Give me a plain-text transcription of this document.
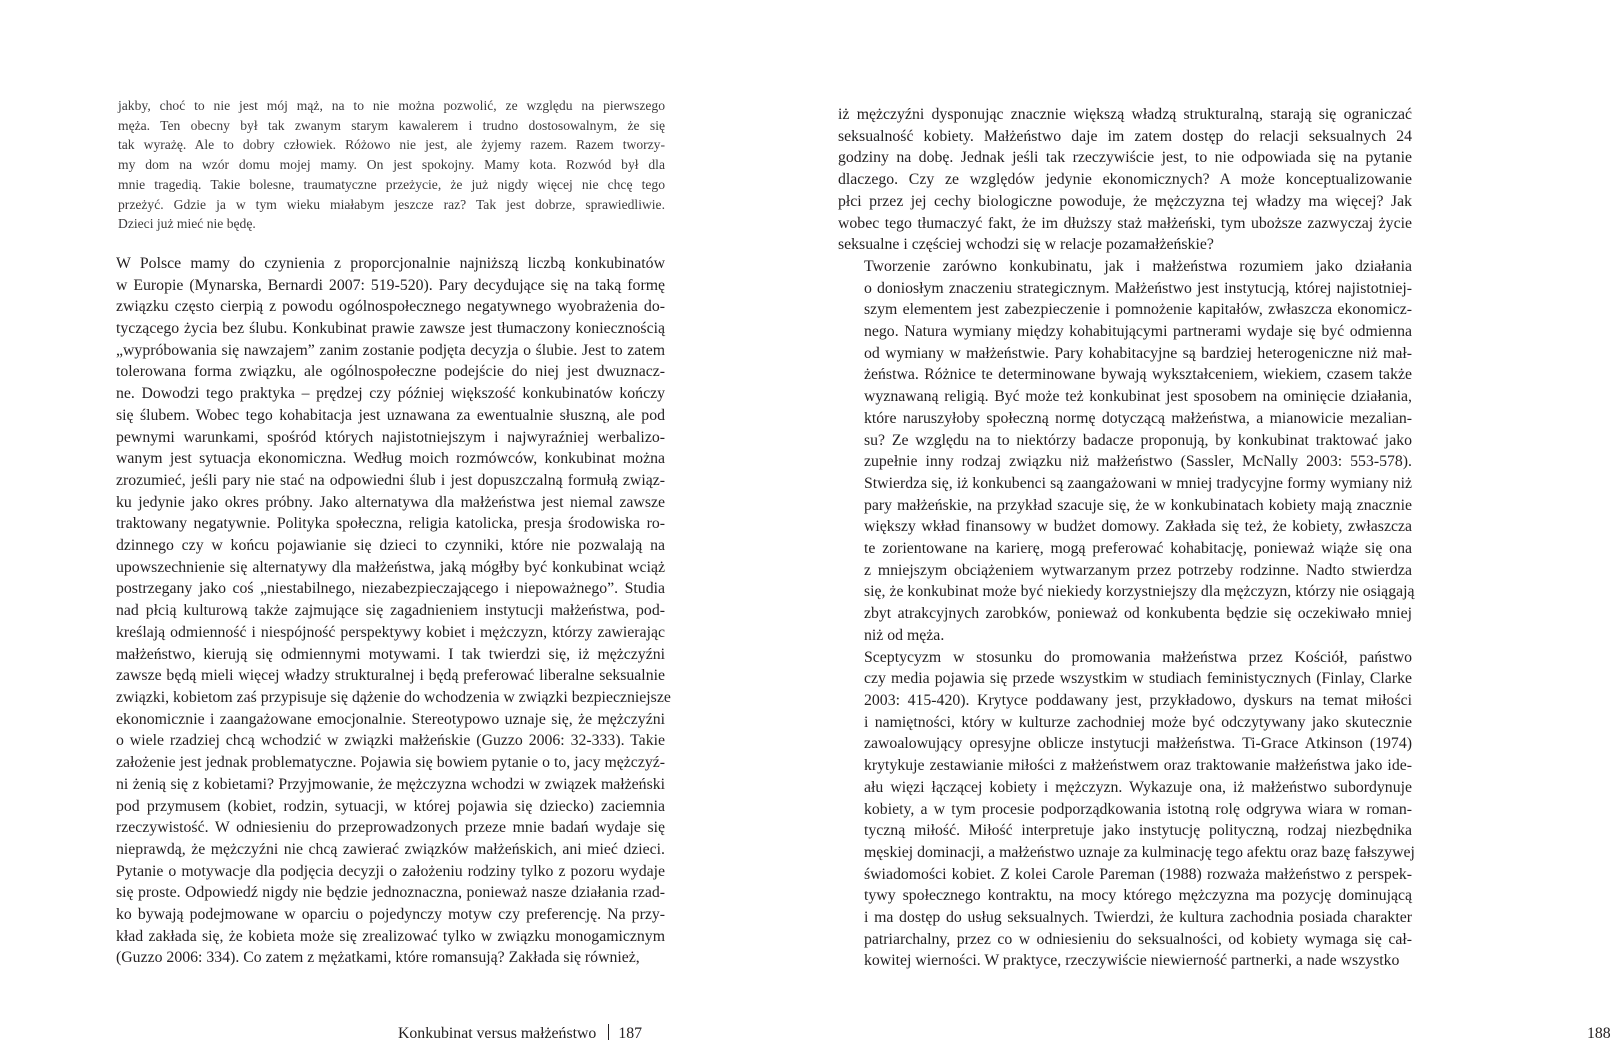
jakby, choć to nie jest mój mąż, na to nie można pozwolić, ze względu na pierwszego
męża. Ten obecny był tak zwanym starym kawalerem i trudno dostosowalnym, że się
tak wyrażę. Ale to dobry człowiek. Różowo nie jest, ale żyjemy razem. Razem tworzy-
my dom na wzór domu mojej mamy. On jest spokojny. Mamy kota. Rozwód był dla
mnie tragedią. Takie bolesne, traumatyczne przeżycie, że już nigdy więcej nie chcę tego
przeżyć. Gdzie ja w tym wieku miałabym jeszcze raz? Tak jest dobrze, sprawiedliwie.
Dzieci już mieć nie będę.
W Polsce mamy do czynienia z proporcjonalnie najniższą liczbą konkubinatów
w Europie (Mynarska, Bernardi 2007: 519-520). Pary decydujące się na taką formę
związku często cierpią z powodu ogólnospołecznego negatywnego wyobrażenia do-
tyczącego życia bez ślubu. Konkubinat prawie zawsze jest tłumaczony koniecznością
„wypróbowania się nawzajem” zanim zostanie podjęta decyzja o ślubie. Jest to zatem
tolerowana forma związku, ale ogólnospołeczne podejście do niej jest dwuznacz-
ne. Dowodzi tego praktyka – prędzej czy później większość konkubinatów kończy
się ślubem. Wobec tego kohabitacja jest uznawana za ewentualnie słuszną, ale pod
pewnymi warunkami, spośród których najistotniejszym i najwyraźniej werbalizo-
wanym jest sytuacja ekonomiczna. Według moich rozmówców, konkubinat można
zrozumieć, jeśli pary nie stać na odpowiedni ślub i jest dopuszczalną formułą związ-
ku jedynie jako okres próbny. Jako alternatywa dla małżeństwa jest niemal zawsze
traktowany negatywnie. Polityka społeczna, religia katolicka, presja środowiska ro-
dzinnego czy w końcu pojawianie się dzieci to czynniki, które nie pozwalają na
upowszechnienie się alternatywy dla małżeństwa, jaką mógłby być konkubinat wciąż
postrzegany jako coś „niestabilnego, niezabezpieczającego i niepoważnego”. Studia
nad płcią kulturową także zajmujące się zagadnieniem instytucji małżeństwa, pod-
kreślają odmienność i niespójność perspektywy kobiet i mężczyzn, którzy zawierając
małżeństwo, kierują się odmiennymi motywami. I tak twierdzi się, iż mężczyźni
zawsze będą mieli więcej władzy strukturalnej i będą preferować liberalne seksualnie
związki, kobietom zaś przypisuje się dążenie do wchodzenia w związki bezpieczniejsze
ekonomicznie i zaangażowane emocjonalnie. Stereotypowo uznaje się, że mężczyźni
o wiele rzadziej chcą wchodzić w związki małżeńskie (Guzzo 2006: 32-333). Takie
założenie jest jednak problematyczne. Pojawia się bowiem pytanie o to, jacy mężczyź-
ni żenią się z kobietami? Przyjmowanie, że mężczyzna wchodzi w związek małżeński
pod przymusem (kobiet, rodzin, sytuacji, w której pojawia się dziecko) zaciemnia
rzeczywistość. W odniesieniu do przeprowadzonych przeze mnie badań wydaje się
nieprawdą, że mężczyźni nie chcą zawierać związków małżeńskich, ani mieć dzieci.
Pytanie o motywacje dla podjęcia decyzji o założeniu rodziny tylko z pozoru wydaje
się proste. Odpowiedź nigdy nie będzie jednoznaczna, ponieważ nasze działania rzad-
ko bywają podejmowane w oparciu o pojedynczy motyw czy preferencję. Na przy-
kład zakłada się, że kobieta może się zrealizować tylko w związku monogamicznym
(Guzzo 2006: 334). Co zatem z mężatkami, które romansują? Zakłada się również,
Konkubinat versus małżeństwo 187
iż mężczyźni dysponując znacznie większą władzą strukturalną, starają się ograniczać
seksualność kobiety. Małżeństwo daje im zatem dostęp do relacji seksualnych 24
godziny na dobę. Jednak jeśli tak rzeczywiście jest, to nie odpowiada się na pytanie
dlaczego. Czy ze względów jedynie ekonomicznych? A może konceptualizowanie
płci przez jej cechy biologiczne powoduje, że mężczyzna tej władzy ma więcej? Jak
wobec tego tłumaczyć fakt, że im dłuższy staż małżeński, tym uboższe zazwyczaj życie
seksualne i częściej wchodzi się w relacje pozamałżeńskie?
Tworzenie zarówno konkubinatu, jak i małżeństwa rozumiem jako działania
o doniosłym znaczeniu strategicznym. Małżeństwo jest instytucją, której najistotniej-
szym elementem jest zabezpieczenie i pomnożenie kapitałów, zwłaszcza ekonomicz-
nego. Natura wymiany między kohabitującymi partnerami wydaje się być odmienna
od wymiany w małżeństwie. Pary kohabitacyjne są bardziej heterogeniczne niż mał-
żeństwa. Różnice te determinowane bywają wykształceniem, wiekiem, czasem także
wyznawaną religią. Być może też konkubinat jest sposobem na ominięcie działania,
które naruszyłoby społeczną normę dotyczącą małżeństwa, a mianowicie mezalian-
su? Ze względu na to niektórzy badacze proponują, by konkubinat traktować jako
zupełnie inny rodzaj związku niż małżeństwo (Sassler, McNally 2003: 553-578).
Stwierdza się, iż konkubenci są zaangażowani w mniej tradycyjne formy wymiany niż
pary małżeńskie, na przykład szacuje się, że w konkubinatach kobiety mają znacznie
większy wkład finansowy w budżet domowy. Zakłada się też, że kobiety, zwłaszcza
te zorientowane na karierę, mogą preferować kohabitację, ponieważ wiąże się ona
z mniejszym obciążeniem wytwarzanym przez potrzeby rodzinne. Nadto stwierdza
się, że konkubinat może być niekiedy korzystniejszy dla mężczyzn, którzy nie osiągają
zbyt atrakcyjnych zarobków, ponieważ od konkubenta będzie się oczekiwało mniej
niż od męża.
Sceptycyzm w stosunku do promowania małżeństwa przez Kościół, państwo
czy media pojawia się przede wszystkim w studiach feministycznych (Finlay, Clarke
2003: 415-420). Krytyce poddawany jest, przykładowo, dyskurs na temat miłości
i namiętności, który w kulturze zachodniej może być odczytywany jako skutecznie
zawoalowujący opresyjne oblicze instytucji małżeństwa. Ti-Grace Atkinson (1974)
krytykuje zestawianie miłości z małżeństwem oraz traktowanie małżeństwa jako ide-
ału więzi łączącej kobiety i mężczyzn. Wykazuje ona, iż małżeństwo subordynuje
kobiety, a w tym procesie podporządkowania istotną rolę odgrywa wiara w roman-
tyczną miłość. Miłość interpretuje jako instytucję polityczną, rodzaj niezbędnika
męskiej dominacji, a małżeństwo uznaje za kulminację tego afektu oraz bazę fałszywej
świadomości kobiet. Z kolei Carole Pareman (1988) rozważa małżeństwo z perspek-
tywy społecznego kontraktu, na mocy którego mężczyzna ma pozycję dominującą
i ma dostęp do usług seksualnych. Twierdzi, że kultura zachodnia posiada charakter
patriarchalny, przez co w odniesieniu do seksualności, od kobiety wymaga się cał-
kowitej wierności. W praktyce, rzeczywiście niewierność partnerki, a nade wszystko
188
